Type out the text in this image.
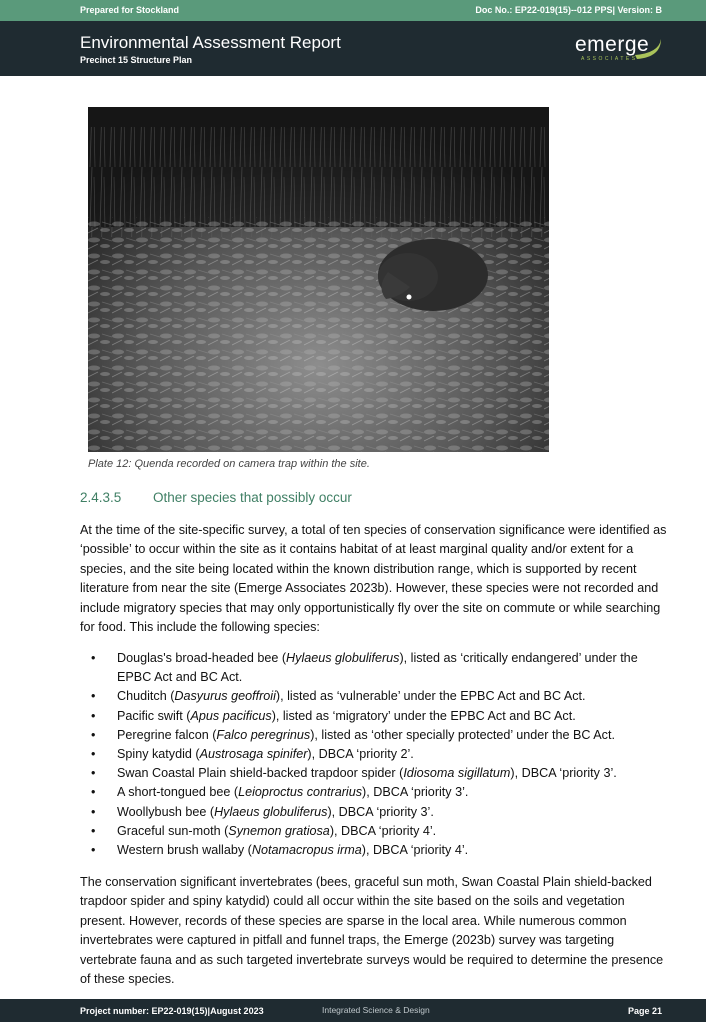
Prepared for Stockland	Doc No.: EP22-019(15)--012 PPS| Version: B
Environmental Assessment Report
Precinct 15 Structure Plan
emerge
ASSOCIATES
Plate 12: Quenda recorded on camera trap within the site.
2.4.3.5 Other species that possibly occur
At the time of the site-specific survey, a total of ten species of conservation significance were identified as ‘possible’ to occur within the site as it contains habitat of at least marginal quality and/or extent for a species, and the site being located within the known distribution range, which is supported by recent literature from near the site (Emerge Associates 2023b). However, these species were not recorded and include migratory species that may only opportunistically fly over the site on commute or while searching for food. This include the following species:
• Douglas's broad-headed bee (Hylaeus globuliferus), listed as ‘critically endangered’ under the EPBC Act and BC Act.
• Chuditch (Dasyurus geoffroii), listed as ‘vulnerable’ under the EPBC Act and BC Act.
• Pacific swift (Apus pacificus), listed as ‘migratory’ under the EPBC Act and BC Act.
• Peregrine falcon (Falco peregrinus), listed as ‘other specially protected’ under the BC Act.
• Spiny katydid (Austrosaga spinifer), DBCA ‘priority 2’.
• Swan Coastal Plain shield-backed trapdoor spider (Idiosoma sigillatum), DBCA ‘priority 3’.
• A short-tongued bee (Leioproctus contrarius), DBCA ‘priority 3’.
• Woollybush bee (Hylaeus globuliferus), DBCA ‘priority 3’.
• Graceful sun-moth (Synemon gratiosa), DBCA ‘priority 4’.
• Western brush wallaby (Notamacropus irma), DBCA ‘priority 4’.
The conservation significant invertebrates (bees, graceful sun moth, Swan Coastal Plain shield-backed trapdoor spider and spiny katydid) could all occur within the site based on the soils and vegetation present. However, records of these species are sparse in the local area. While numerous common invertebrates were captured in pitfall and funnel traps, the Emerge (2023b) survey was targeting vertebrate fauna and as such targeted invertebrate surveys would be required to determine the presence of these species.
Project number: EP22-019(15)|August 2023	Integrated Science & Design	Page 21
